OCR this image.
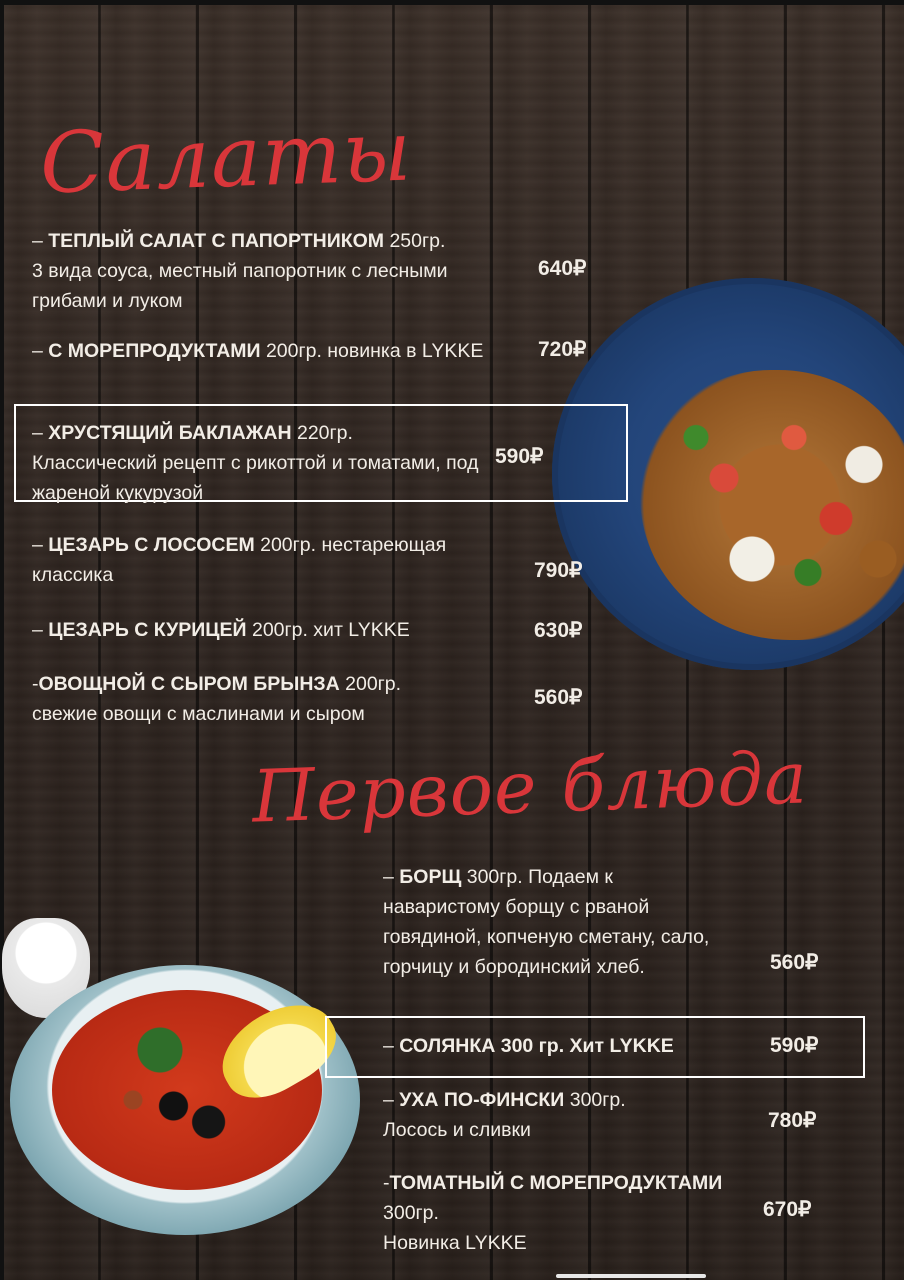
Салаты
– ТЕПЛЫЙ САЛАТ С ПАПОРТНИКОМ 250гр.
3 вида соуса, местный папоротник с лесными грибами и луком
640₽
– С МОРЕПРОДУКТАМИ 200гр. новинка в LYKKE	720₽
– ХРУСТЯЩИЙ БАКЛАЖАН 220гр.
Классический рецепт с рикоттой и томатами, под жареной кукурузой
590₽
– ЦЕЗАРЬ С ЛОСОСЕМ 200гр. нестареющая классика	790₽
– ЦЕЗАРЬ С КУРИЦЕЙ 200гр. хит LYKKE	630₽
-ОВОЩНОЙ С СЫРОМ БРЫНЗА 200гр.
свежие овощи с маслинами и сыром
560₽
Первое блюда
– БОРЩ 300гр. Подаем к наваристому борщу с рваной говядиной, копченую сметану, сало, горчицу и бородинский хлеб.	560₽
– СОЛЯНКА 300 гр. Хит LYKKE	590₽
– УХА ПО-ФИНСКИ 300гр.
Лосось и сливки	780₽
-ТОМАТНЫЙ С МОРЕПРОДУКТАМИ 300гр.
Новинка LYKKE
670₽
